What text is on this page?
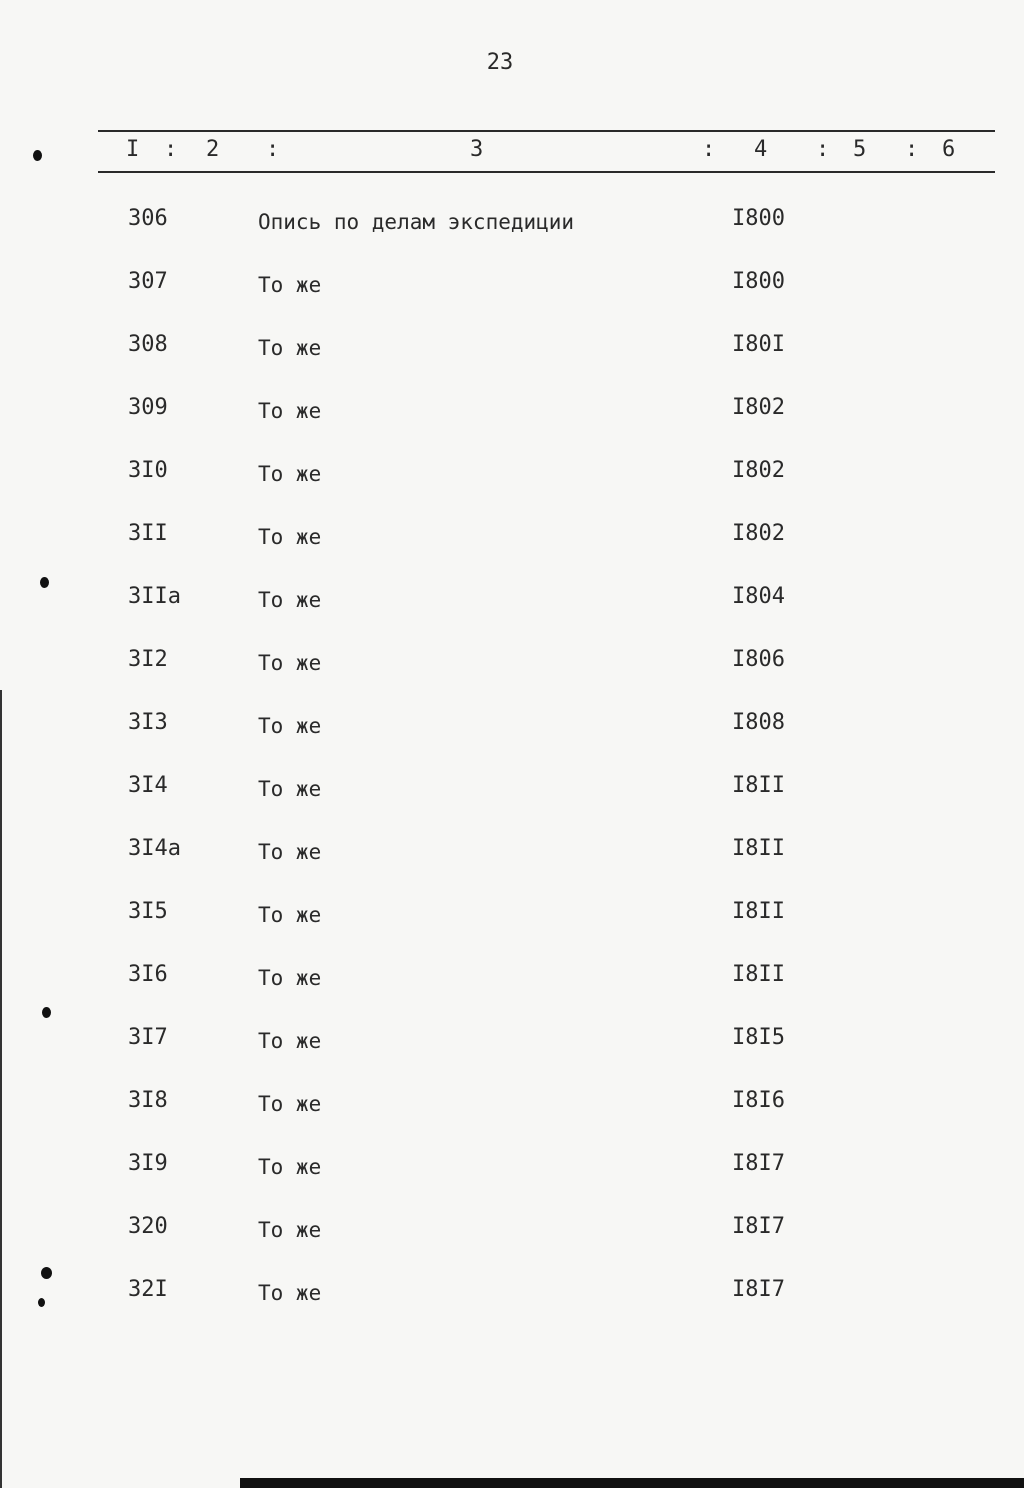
23
I : 2 :	3	: 4 : 5 : 6
306	Опись по делам экспедиции	I800
307	То же	I800
308	То же	I80I
309	То же	I802
3I0	То же	I802
3II	То же	I802
3IIa	То же	I804
3I2	То же	I806
3I3	То же	I808
3I4	То же	I8II
3I4a	То же	I8II
3I5	То же	I8II
3I6	То же	I8II
3I7	То же	I8I5
3I8	То же	I8I6
3I9	То же	I8I7
320	То же	I8I7
32I	То же	I8I7
